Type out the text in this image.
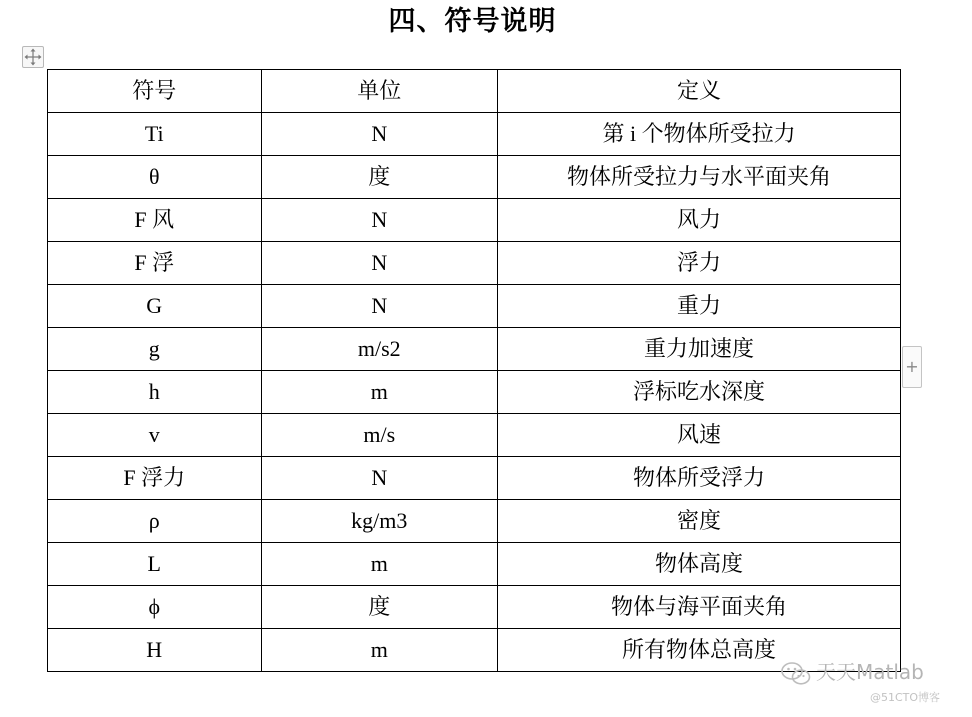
四、符号说明
符号	单位	定义
Ti	N	第 i 个物体所受拉力
θ	度	物体所受拉力与水平面夹角
F 风	N	风力
F 浮	N	浮力
G	N	重力
g	m/s2	重力加速度
h	m	浮标吃水深度
v	m/s	风速
F 浮力	N	物体所受浮力
ρ	kg/m3	密度
L	m	物体高度
ϕ	度	物体与海平面夹角
H	m	所有物体总高度
+
天天Matlab
@51CTO博客
